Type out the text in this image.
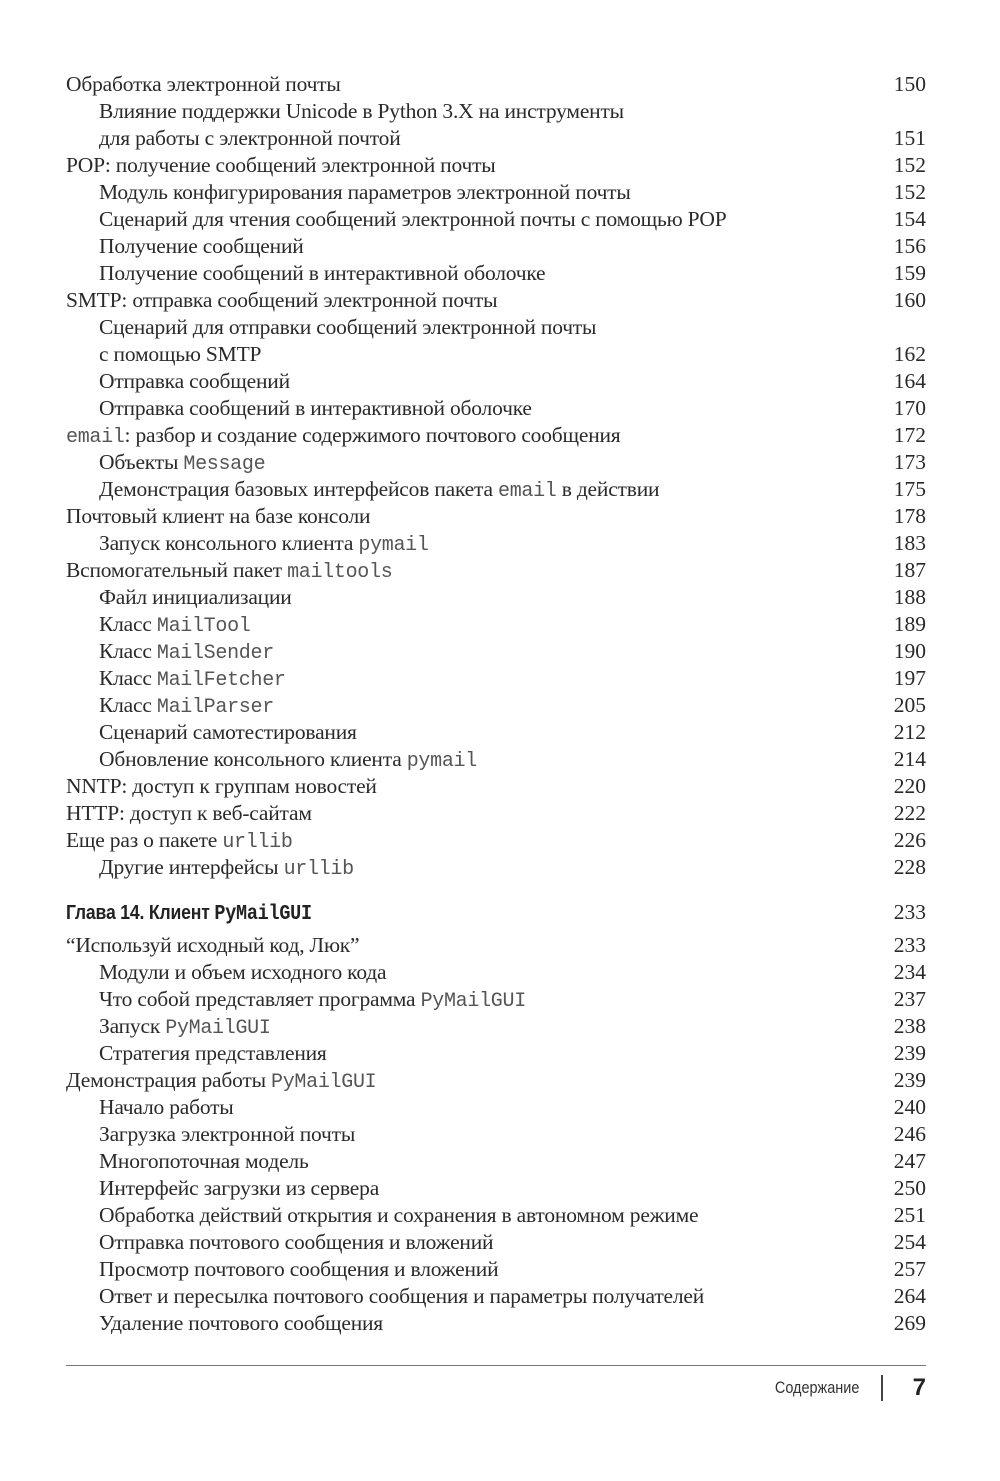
Обработка электронной почты	150
Влияние поддержки Unicode в Python 3.X на инструменты
для работы с электронной почтой	151
POP: получение сообщений электронной почты	152
Модуль конфигурирования параметров электронной почты	152
Сценарий для чтения сообщений электронной почты с помощью POP	154
Получение сообщений	156
Получение сообщений в интерактивной оболочке	159
SMTP: отправка сообщений электронной почты	160
Сценарий для отправки сообщений электронной почты
с помощью SMTP	162
Отправка сообщений	164
Отправка сообщений в интерактивной оболочке	170
email: разбор и создание содержимого почтового сообщения	172
Объекты Message	173
Демонстрация базовых интерфейсов пакета email в действии	175
Почтовый клиент на базе консоли	178
Запуск консольного клиента pymail	183
Вспомогательный пакет mailtools	187
Файл инициализации	188
Класс MailTool	189
Класс MailSender	190
Класс MailFetcher	197
Класс MailParser	205
Сценарий самотестирования	212
Обновление консольного клиента pymail	214
NNTP: доступ к группам новостей	220
HTTP: доступ к веб-сайтам	222
Еще раз о пакете urllib	226
Другие интерфейсы urllib	228
Глава 14. Клиент PyMailGUI	233
“Используй исходный код, Люк”	233
Модули и объем исходного кода	234
Что собой представляет программа PyMailGUI	237
Запуск PyMailGUI	238
Стратегия представления	239
Демонстрация работы PyMailGUI	239
Начало работы	240
Загрузка электронной почты	246
Многопоточная модель	247
Интерфейс загрузки из сервера	250
Обработка действий открытия и сохранения в автономном режиме	251
Отправка почтового сообщения и вложений	254
Просмотр почтового сообщения и вложений	257
Ответ и пересылка почтового сообщения и параметры получателей	264
Удаление почтового сообщения	269
Содержание 7
